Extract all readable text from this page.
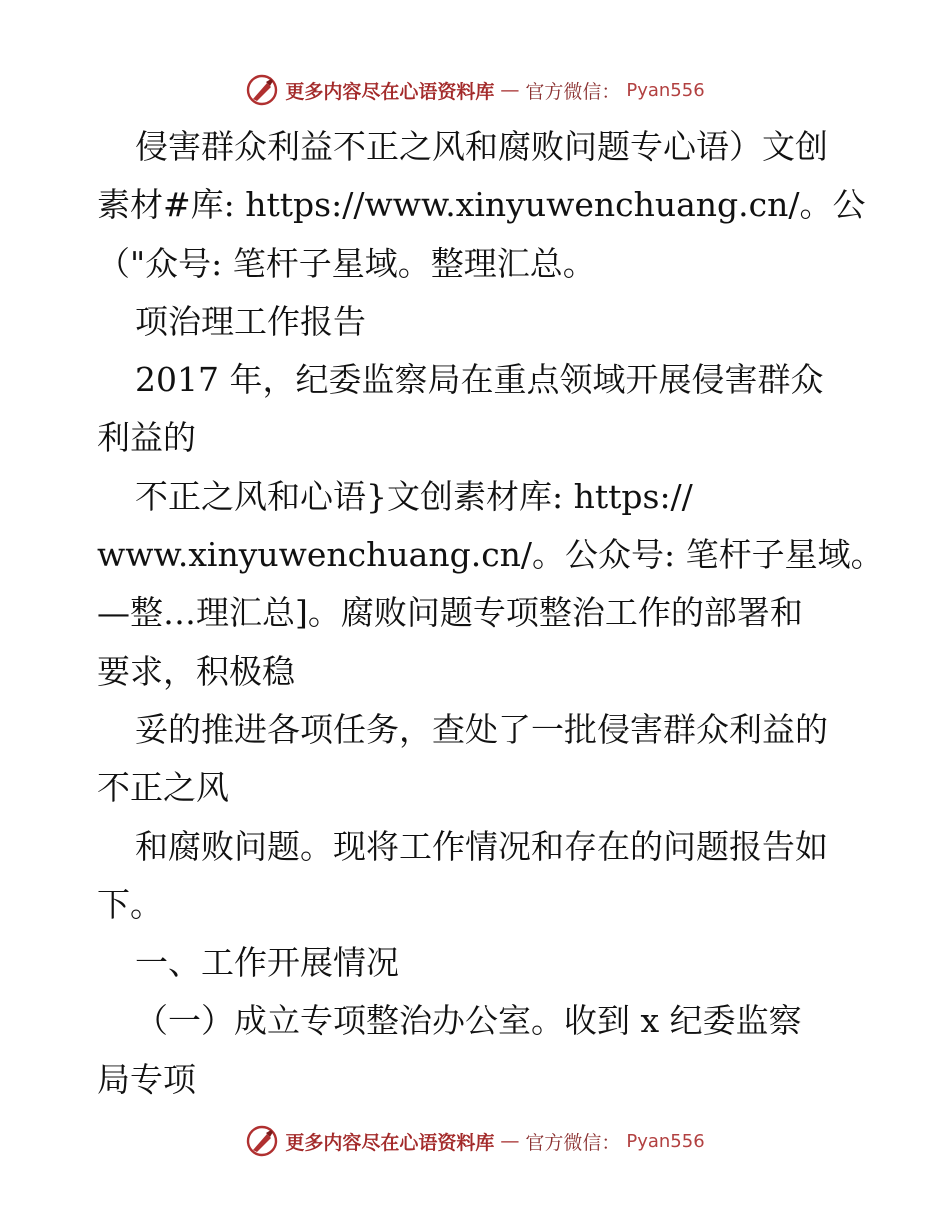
更多内容尽在心语资料库 — 官方微信： Pyan556
侵害群众利益不正之风和腐败问题专心语）文创
素材#库: https://www.xinyuwenchuang.cn/。公
（"众号: 笔杆子星域。整理汇总。
项治理工作报告
2017 年，纪委监察局在重点领域开展侵害群众
利益的
不正之风和心语}文创素材库: https://
www.xinyuwenchuang.cn/。公众号: 笔杆子星域。
—整…理汇总]。腐败问题专项整治工作的部署和
要求，积极稳
妥的推进各项任务，查处了一批侵害群众利益的
不正之风
和腐败问题。现将工作情况和存在的问题报告如
下。
一、工作开展情况
（一）成立专项整治办公室。收到 x 纪委监察
局专项
更多内容尽在心语资料库 — 官方微信： Pyan556
